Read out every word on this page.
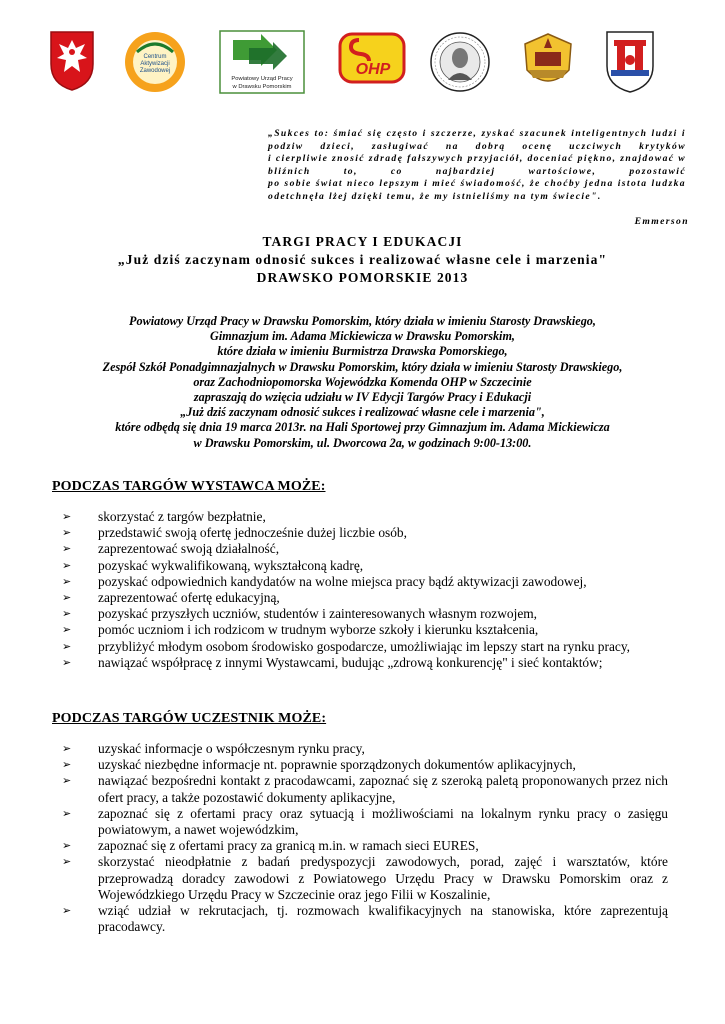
Centrum
Aktywizacji
Zawodowej
Powiatowy Urząd Pracy
w Drawsku Pomorskim
OHP
„Sukces to: śmiać się często i szczerze, zyskać szacunek inteligentnych ludzi i
podziw dzieci, zasługiwać na dobrą ocenę uczciwych krytyków
i cierpliwie znosić zdradę fałszywych przyjaciół, doceniać piękno, znajdować w
bliźnich to, co najbardziej wartościowe, pozostawić
po sobie świat nieco lepszym i mieć świadomość, że choćby jedna istota ludzka
odetchnęła lżej dzięki temu, że my istnieliśmy na tym świecie".
Emmerson
TARGI PRACY I EDUKACJI
„Już dziś zaczynam odnosić sukces i realizować własne cele i marzenia"
DRAWSKO POMORSKIE 2013
Powiatowy Urząd Pracy w Drawsku Pomorskim, który działa w imieniu Starosty Drawskiego,
Gimnazjum im. Adama Mickiewicza w Drawsku Pomorskim,
które działa w imieniu Burmistrza Drawska Pomorskiego,
Zespół Szkół Ponadgimnazjalnych w Drawsku Pomorskim, który działa w imieniu Starosty Drawskiego,
oraz Zachodniopomorska Wojewódzka Komenda OHP w Szczecinie
zapraszają do wzięcia udziału w IV Edycji Targów Pracy i Edukacji
„Już dziś zaczynam odnosić sukces i realizować własne cele i marzenia",
które odbędą się dnia 19 marca 2013r. na Hali Sportowej przy Gimnazjum im. Adama Mickiewicza
w Drawsku Pomorskim, ul. Dworcowa 2a, w godzinach 9:00-13:00.
PODCZAS TARGÓW WYSTAWCA MOŻE:
➢ skorzystać z targów bezpłatnie,
➢ przedstawić swoją ofertę jednocześnie dużej liczbie osób,
➢ zaprezentować swoją działalność,
➢ pozyskać wykwalifikowaną, wykształconą kadrę,
➢ pozyskać odpowiednich kandydatów na wolne miejsca pracy bądź aktywizacji zawodowej,
➢ zaprezentować ofertę edukacyjną,
➢ pozyskać przyszłych uczniów, studentów i zainteresowanych własnym rozwojem,
➢ pomóc uczniom i ich rodzicom w trudnym wyborze szkoły i kierunku kształcenia,
➢ przybliżyć młodym osobom środowisko gospodarcze, umożliwiając im lepszy start na rynku pracy,
➢ nawiązać współpracę z innymi Wystawcami, budując „zdrową konkurencję" i sieć kontaktów;
PODCZAS TARGÓW UCZESTNIK MOŻE:
➢ uzyskać informacje o współczesnym rynku pracy,
➢ uzyskać niezbędne informacje nt. poprawnie sporządzonych dokumentów aplikacyjnych,
➢ nawiązać bezpośredni kontakt z pracodawcami, zapoznać się z szeroką paletą proponowanych przez nich ofert pracy, a także pozostawić dokumenty aplikacyjne,
➢ zapoznać się z ofertami pracy oraz sytuacją i możliwościami na lokalnym rynku pracy o zasięgu powiatowym, a nawet wojewódzkim,
➢ zapoznać się z ofertami pracy za granicą m.in. w ramach sieci EURES,
➢ skorzystać nieodpłatnie z badań predyspozycji zawodowych, porad, zajęć i warsztatów, które przeprowadzą doradcy zawodowi z Powiatowego Urzędu Pracy w Drawsku Pomorskim oraz z Wojewódzkiego Urzędu Pracy w Szczecinie oraz jego Filii w Koszalinie,
➢ wziąć udział w rekrutacjach, tj. rozmowach kwalifikacyjnych na stanowiska, które zaprezentują pracodawcy.
